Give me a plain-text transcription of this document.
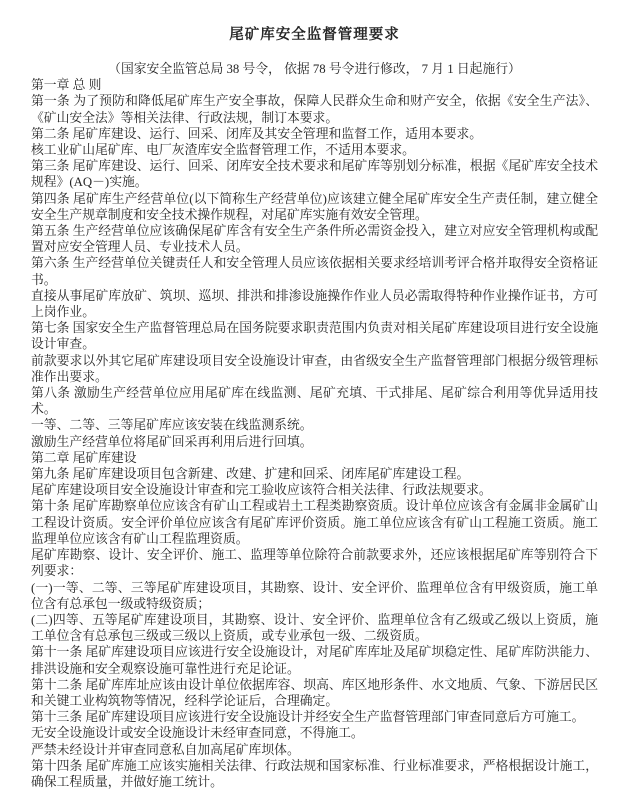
尾矿库安全监督管理要求

（国家安全监管总局 38 号令， 依据 78 号令进行修改， 7 月 1 日起施行）

第一章 总 则

第一条 为了预防和降低尾矿库生产安全事故，保障人民群众生命和财产安全，依据《安全生产法》、《矿山安全法》等相关法律、行政法规，制订本要求。

第二条 尾矿库建设、运行、回采、闭库及其安全管理和监督工作，适用本要求。

核工业矿山尾矿库、电厂灰渣库安全监督管理工作，不适用本要求。

第三条 尾矿库建设、运行、回采、闭库安全技术要求和尾矿库等别划分标准，根据《尾矿库安全技术规程》(AQ－)实施。

第四条 尾矿库生产经营单位(以下简称生产经营单位)应该建立健全尾矿库安全生产责任制，建立健全安全生产规章制度和安全技术操作规程，对尾矿库实施有效安全管理。

第五条 生产经营单位应该确保尾矿库含有安全生产条件所必需资金投入，建立对应安全管理机构或配置对应安全管理人员、专业技术人员。

第六条 生产经营单位关键责任人和安全管理人员应该依据相关要求经培训考评合格并取得安全资格证书。

直接从事尾矿库放矿、筑坝、巡坝、排洪和排渗设施操作作业人员必需取得特种作业操作证书，方可上岗作业。

第七条 国家安全生产监督管理总局在国务院要求职责范围内负责对相关尾矿库建设项目进行安全设施设计审查。

前款要求以外其它尾矿库建设项目安全设施设计审查，由省级安全生产监督管理部门根据分级管理标准作出要求。

第八条 激励生产经营单位应用尾矿库在线监测、尾矿充填、干式排尾、尾矿综合利用等优异适用技术。

一等、二等、三等尾矿库应该安装在线监测系统。

激励生产经营单位将尾矿回采再利用后进行回填。

第二章 尾矿库建设

第九条 尾矿库建设项目包含新建、改建、扩建和回采、闭库尾矿库建设工程。

尾矿库建设项目安全设施设计审查和完工验收应该符合相关法律、行政法规要求。

第十条 尾矿库勘察单位应该含有矿山工程或岩土工程类勘察资质。设计单位应该含有金属非金属矿山工程设计资质。安全评价单位应该含有尾矿库评价资质。施工单位应该含有矿山工程施工资质。施工监理单位应该含有矿山工程监理资质。

尾矿库勘察、设计、安全评价、施工、监理等单位除符合前款要求外，还应该根据尾矿库等别符合下列要求：

(一)一等、二等、三等尾矿库建设项目，其勘察、设计、安全评价、监理单位含有甲级资质，施工单位含有总承包一级或特级资质；

(二)四等、五等尾矿库建设项目，其勘察、设计、安全评价、监理单位含有乙级或乙级以上资质，施工单位含有总承包三级或三级以上资质，或专业承包一级、二级资质。

第十一条 尾矿库建设项目应该进行安全设施设计，对尾矿库库址及尾矿坝稳定性、尾矿库防洪能力、排洪设施和安全观察设施可靠性进行充足论证。

第十二条 尾矿库库址应该由设计单位依据库容、坝高、库区地形条件、水文地质、气象、下游居民区和关键工业构筑物等情况，经科学论证后，合理确定。

第十三条 尾矿库建设项目应该进行安全设施设计并经安全生产监督管理部门审查同意后方可施工。

无安全设施设计或安全设施设计未经审查同意，不得施工。

严禁未经设计并审查同意私自加高尾矿库坝体。

第十四条 尾矿库施工应该实施相关法律、行政法规和国家标准、行业标准要求，严格根据设计施工，确保工程质量，并做好施工统计。
